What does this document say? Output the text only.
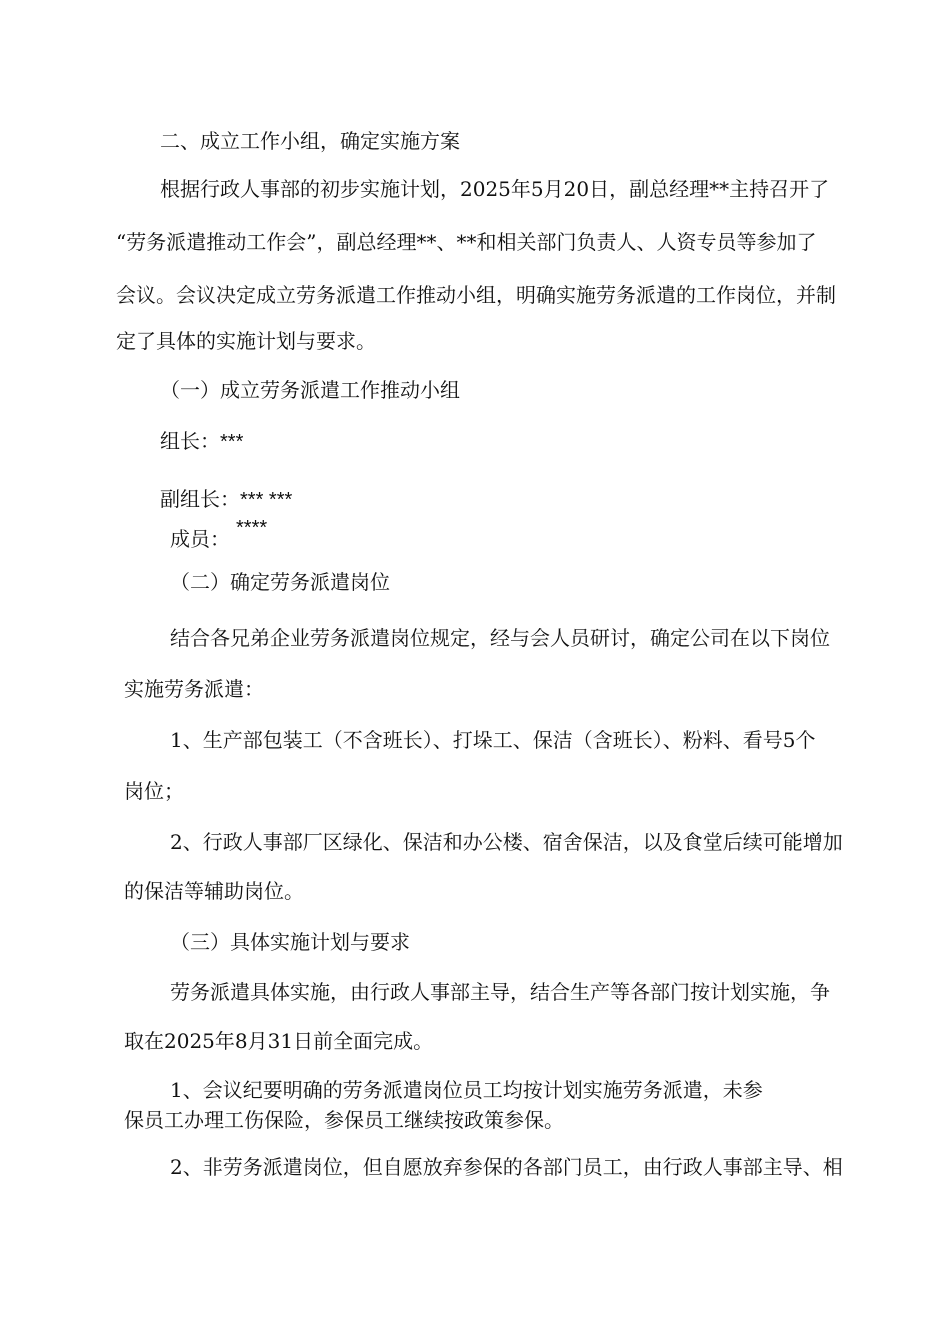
二、成立工作小组，确定实施方案
根据行政人事部的初步实施计划，2025年5月20日，副总经理**主持召开了
“劳务派遣推动工作会”，副总经理**、**和相关部门负责人、人资专员等参加了
会议。会议决定成立劳务派遣工作推动小组，明确实施劳务派遣的工作岗位，并制
定了具体的实施计划与要求。
（一）成立劳务派遣工作推动小组
组长：***
副组长：*** ***
成员： ****
（二）确定劳务派遣岗位
结合各兄弟企业劳务派遣岗位规定，经与会人员研讨，确定公司在以下岗位
实施劳务派遣：
1、生产部包装工（不含班长）、打垛工、保洁（含班长）、粉料、看号5个
岗位；
2、行政人事部厂区绿化、保洁和办公楼、宿舍保洁，以及食堂后续可能增加
的保洁等辅助岗位。
（三）具体实施计划与要求
劳务派遣具体实施，由行政人事部主导，结合生产等各部门按计划实施，争
取在2025年8月31日前全面完成。
1、会议纪要明确的劳务派遣岗位员工均按计划实施劳务派遣，未参
保员工办理工伤保险，参保员工继续按政策参保。
2、非劳务派遣岗位，但自愿放弃参保的各部门员工，由行政人事部主导、相
